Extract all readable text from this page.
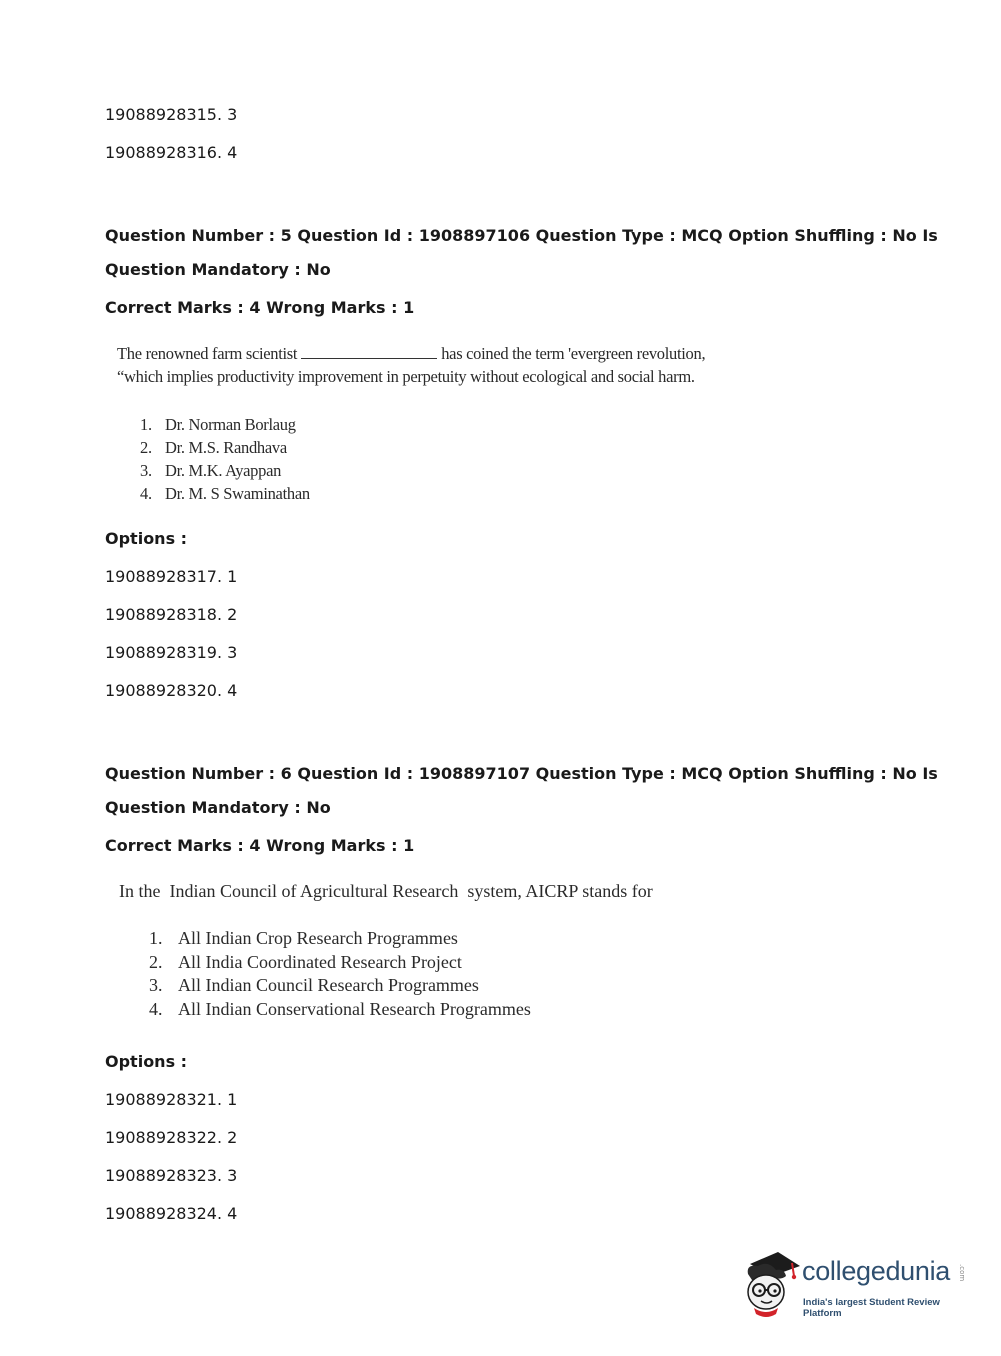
19088928315. 3
19088928316. 4
Question Number : 5 Question Id : 1908897106 Question Type : MCQ Option Shuffling : No Is
Question Mandatory : No
Correct Marks : 4 Wrong Marks : 1
The renowned farm scientist	has coined the term 'evergreen revolution,
“which implies productivity improvement in perpetuity without ecological and social harm.
1. Dr. Norman Borlaug
2. Dr. M.S. Randhava
3. Dr. M.K. Ayappan
4. Dr. M. S Swaminathan
Options :
19088928317. 1
19088928318. 2
19088928319. 3
19088928320. 4
Question Number : 6 Question Id : 1908897107 Question Type : MCQ Option Shuffling : No Is
Question Mandatory : No
Correct Marks : 4 Wrong Marks : 1
In the  Indian Council of Agricultural Research  system, AICRP stands for
1. All Indian Crop Research Programmes
2. All India Coordinated Research Project
3. All Indian Council Research Programmes
4. All Indian Conservational Research Programmes
Options :
19088928321. 1
19088928322. 2
19088928323. 3
19088928324. 4
collegedunia .com
India's largest Student Review Platform
